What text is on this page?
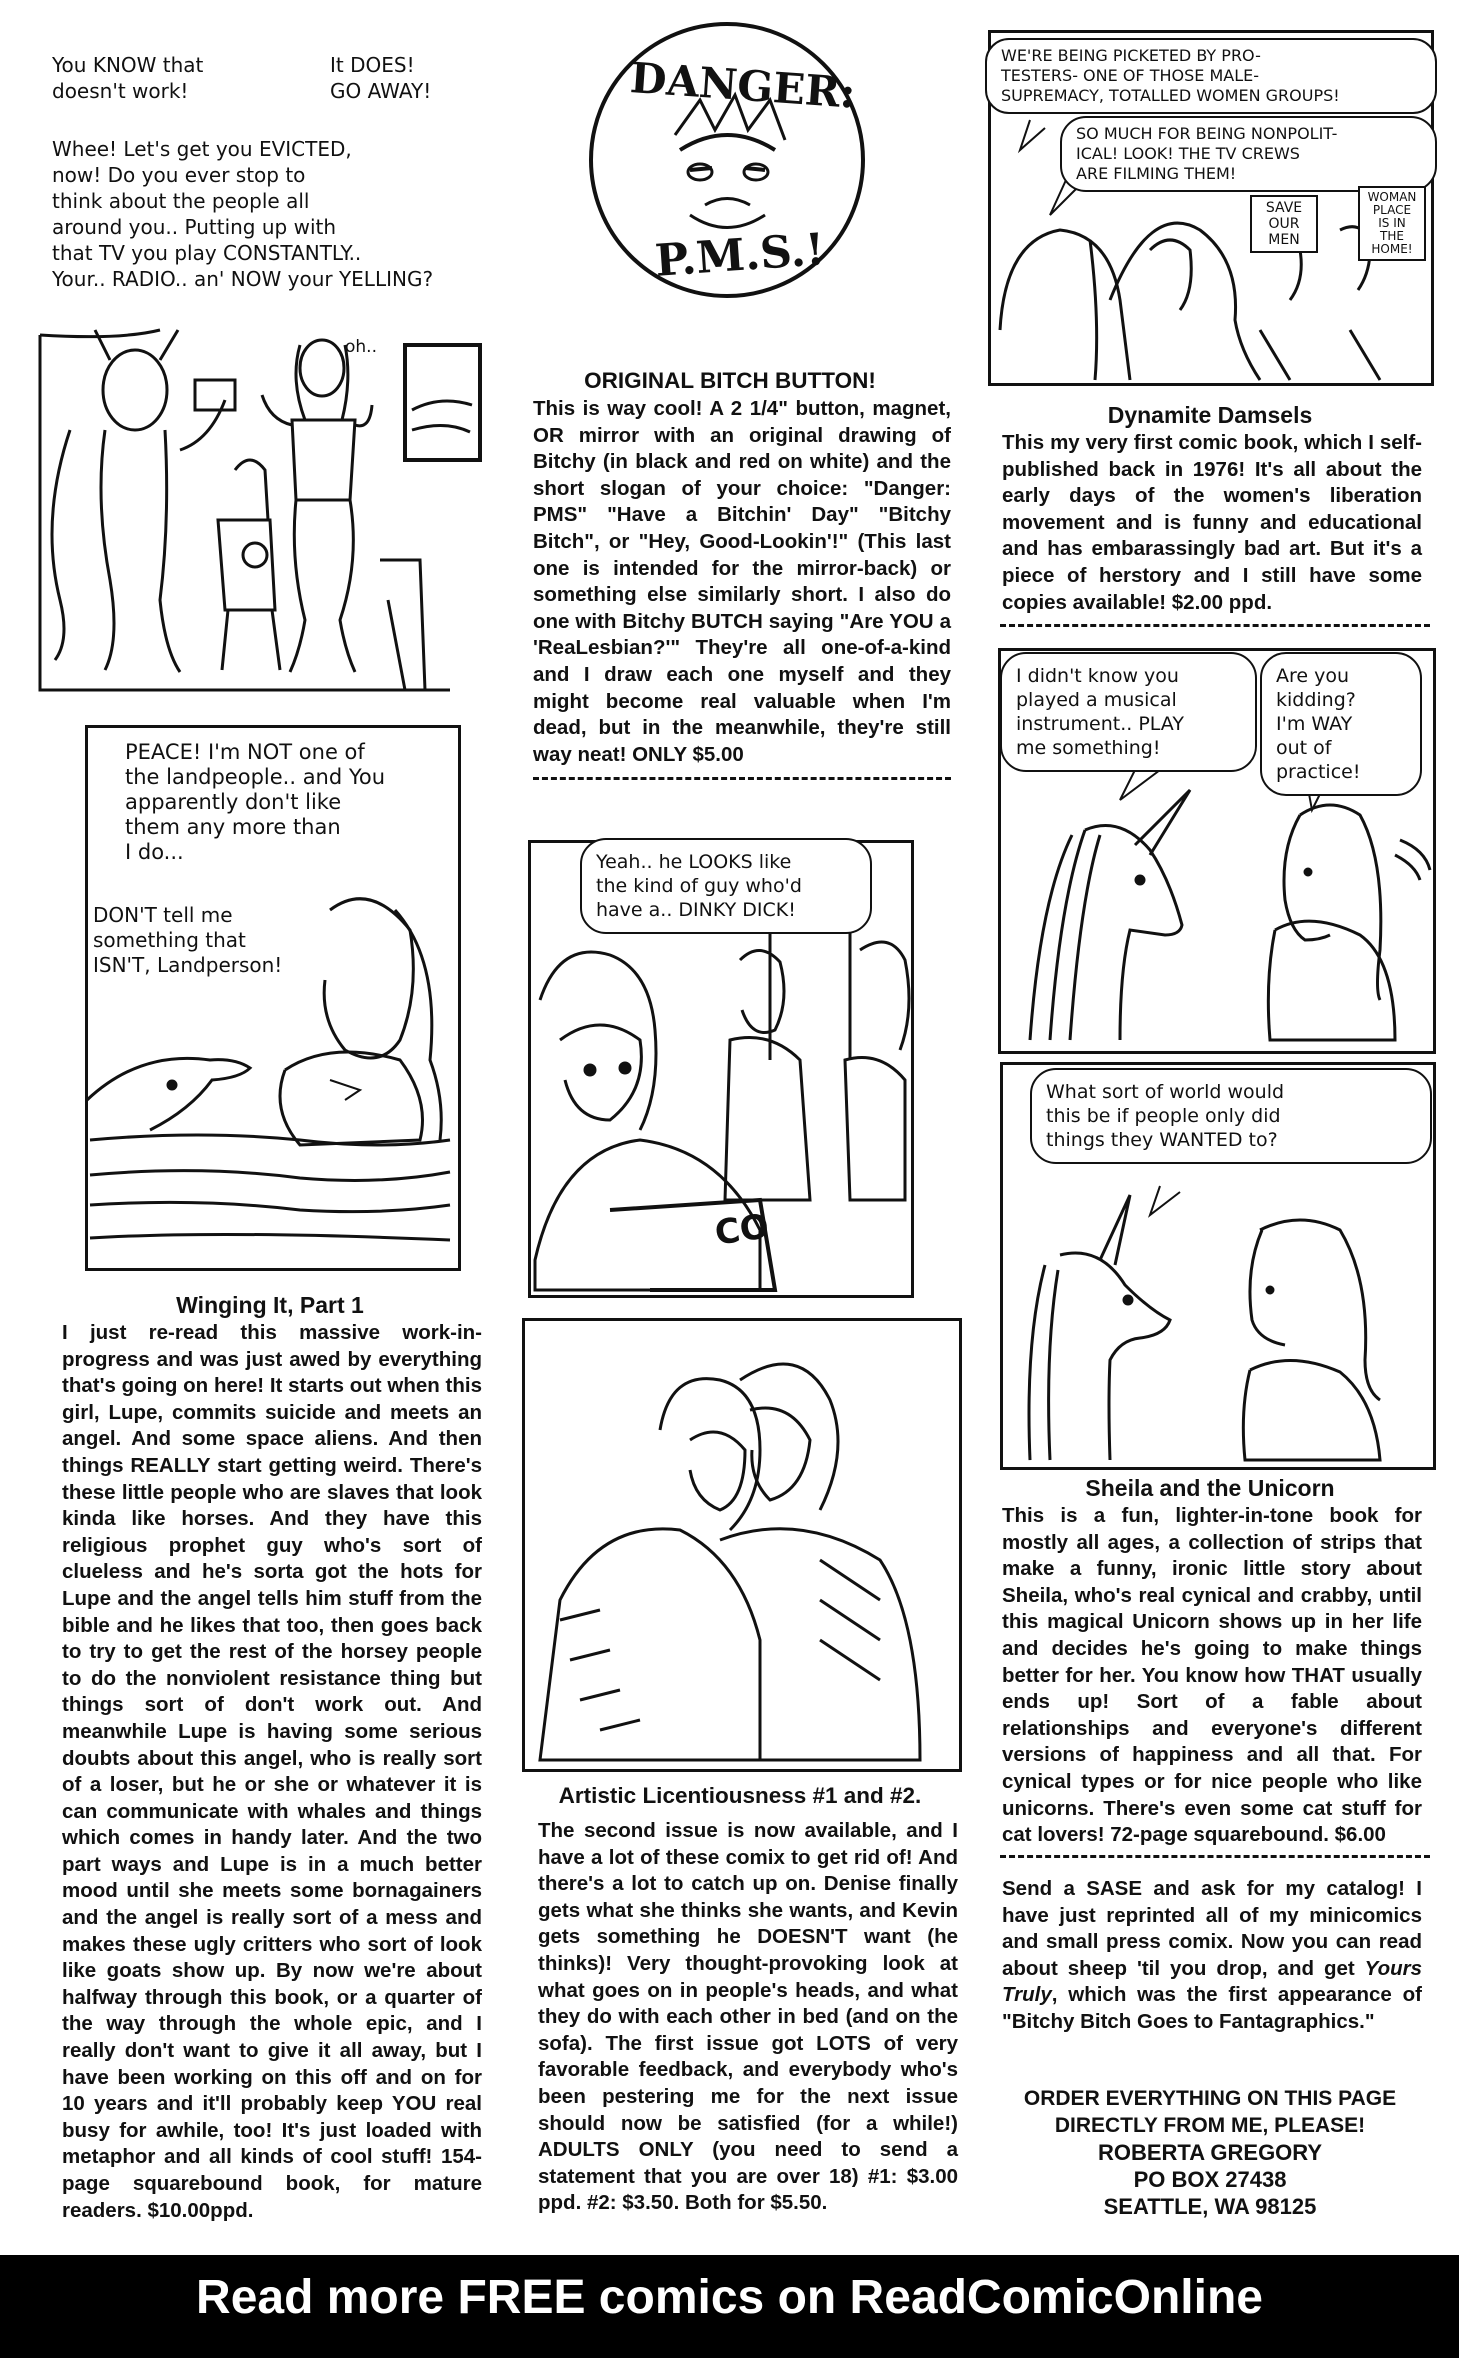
You KNOW that
doesn't work!
It DOES!
GO AWAY!
Whee! Let's get you EVICTED,
now! Do you ever stop to
think about the people all
around you.. Putting up with
that TV you play CONSTANTLY..
Your.. RADIO.. an' NOW your YELLING?
oh..
PEACE! I'm NOT one of
the landpeople.. and You
apparently don't like
them any more than
I do...
DON'T tell me
something that
ISN'T, Landperson!
Winging It, Part 1
I just re-read this massive work-in-progress and was just awed by everything that's going on here! It starts out when this girl, Lupe, commits suicide and meets an angel. And some space aliens. And then things REALLY start getting weird. There's these little people who are slaves that look kinda like horses. And they have this religious prophet guy who's sort of clueless and he's sorta got the hots for Lupe and the angel tells him stuff from the bible and he likes that too, then goes back to try to get the rest of the horsey people to do the nonviolent resistance thing but things sort of don't work out. And meanwhile Lupe is having some serious doubts about this angel, who is really sort of a loser, but he or she or whatever it is can communicate with whales and things which comes in handy later. And the two part ways and Lupe is in a much better mood until she meets some bornagainers and the angel is really sort of a mess and makes these ugly critters who sort of look like goats show up. By now we're about halfway through this book, or a quarter of the way through the whole epic, and I really don't want to give it all away, but I have been working on this off and on for 10 years and it'll probably keep YOU real busy for awhile, too! It's just loaded with metaphor and all kinds of cool stuff! 154-page squarebound book, for mature readers. $10.00ppd.
DANGER:
P.M.S.!
ORIGINAL BITCH BUTTON!
This is way cool! A 2 1/4" button, magnet, OR mirror with an original drawing of Bitchy (in black and red on white) and the short slogan of your choice: "Danger: PMS" "Have a Bitchin' Day" "Bitchy Bitch", or "Hey, Good-Lookin'!" (This last one is intended for the mirror-back) or something else similarly short. I also do one with Bitchy BUTCH saying "Are YOU a 'ReaLesbian?'" They're all one-of-a-kind and I draw each one myself and they might become real valuable when I'm dead, but in the meanwhile, they're still way neat! ONLY $5.00
Yeah.. he LOOKS like
the kind of guy who'd
have a.. DINKY DICK!
CO
Artistic Licentiousness #1 and #2.
The second issue is now available, and I have a lot of these comix to get rid of! And there's a lot to catch up on. Denise finally gets what she thinks she wants, and Kevin gets something he DOESN'T want (he thinks)! Very thought-provoking look at what goes on in people's heads, and what they do with each other in bed (and on the sofa). The first issue got LOTS of very favorable feedback, and everybody who's been pestering me for the next issue should now be satisfied (for a while!) ADULTS ONLY (you need to send a statement that you are over 18) #1: $3.00 ppd. #2: $3.50. Both for $5.50.
WE'RE BEING PICKETED BY PRO-
TESTERS- ONE OF THOSE MALE-
SUPREMACY, TOTALLED WOMEN GROUPS!
SO MUCH FOR BEING NONPOLIT-
ICAL! LOOK! THE TV CREWS
ARE FILMING THEM!
SAVE
OUR
MEN
WOMAN
PLACE
IS IN
THE
HOME!
Dynamite Damsels
This my very first comic book, which I self-published back in 1976! It's all about the early days of the women's liberation movement and is funny and educational and has embarassingly bad art. But it's a piece of herstory and I still have some copies available! $2.00 ppd.
I didn't know you
played a musical
instrument.. PLAY
me something!
Are you
kidding?
I'm WAY
out of
practice!
What sort of world would
this be if people only did
things they WANTED to?
Sheila and the Unicorn
This is a fun, lighter-in-tone book for mostly all ages, a collection of strips that make a funny, ironic little story about Sheila, who's real cynical and crabby, until this magical Unicorn shows up in her life and decides he's going to make things better for her. You know how THAT usually ends up! Sort of a fable about relationships and everyone's different versions of happiness and all that. For cynical types or for nice people who like unicorns. There's even some cat stuff for cat lovers! 72-page squarebound. $6.00
Send a SASE and ask for my catalog! I have just reprinted all of my minicomics and small press comix. Now you can read about sheep 'til you drop, and get Yours Truly, which was the first appearance of "Bitchy Bitch Goes to Fantagraphics."
ORDER EVERYTHING ON THIS PAGE
DIRECTLY FROM ME, PLEASE!
ROBERTA GREGORY
PO BOX 27438
SEATTLE, WA 98125
Read more FREE comics on ReadComicOnline
